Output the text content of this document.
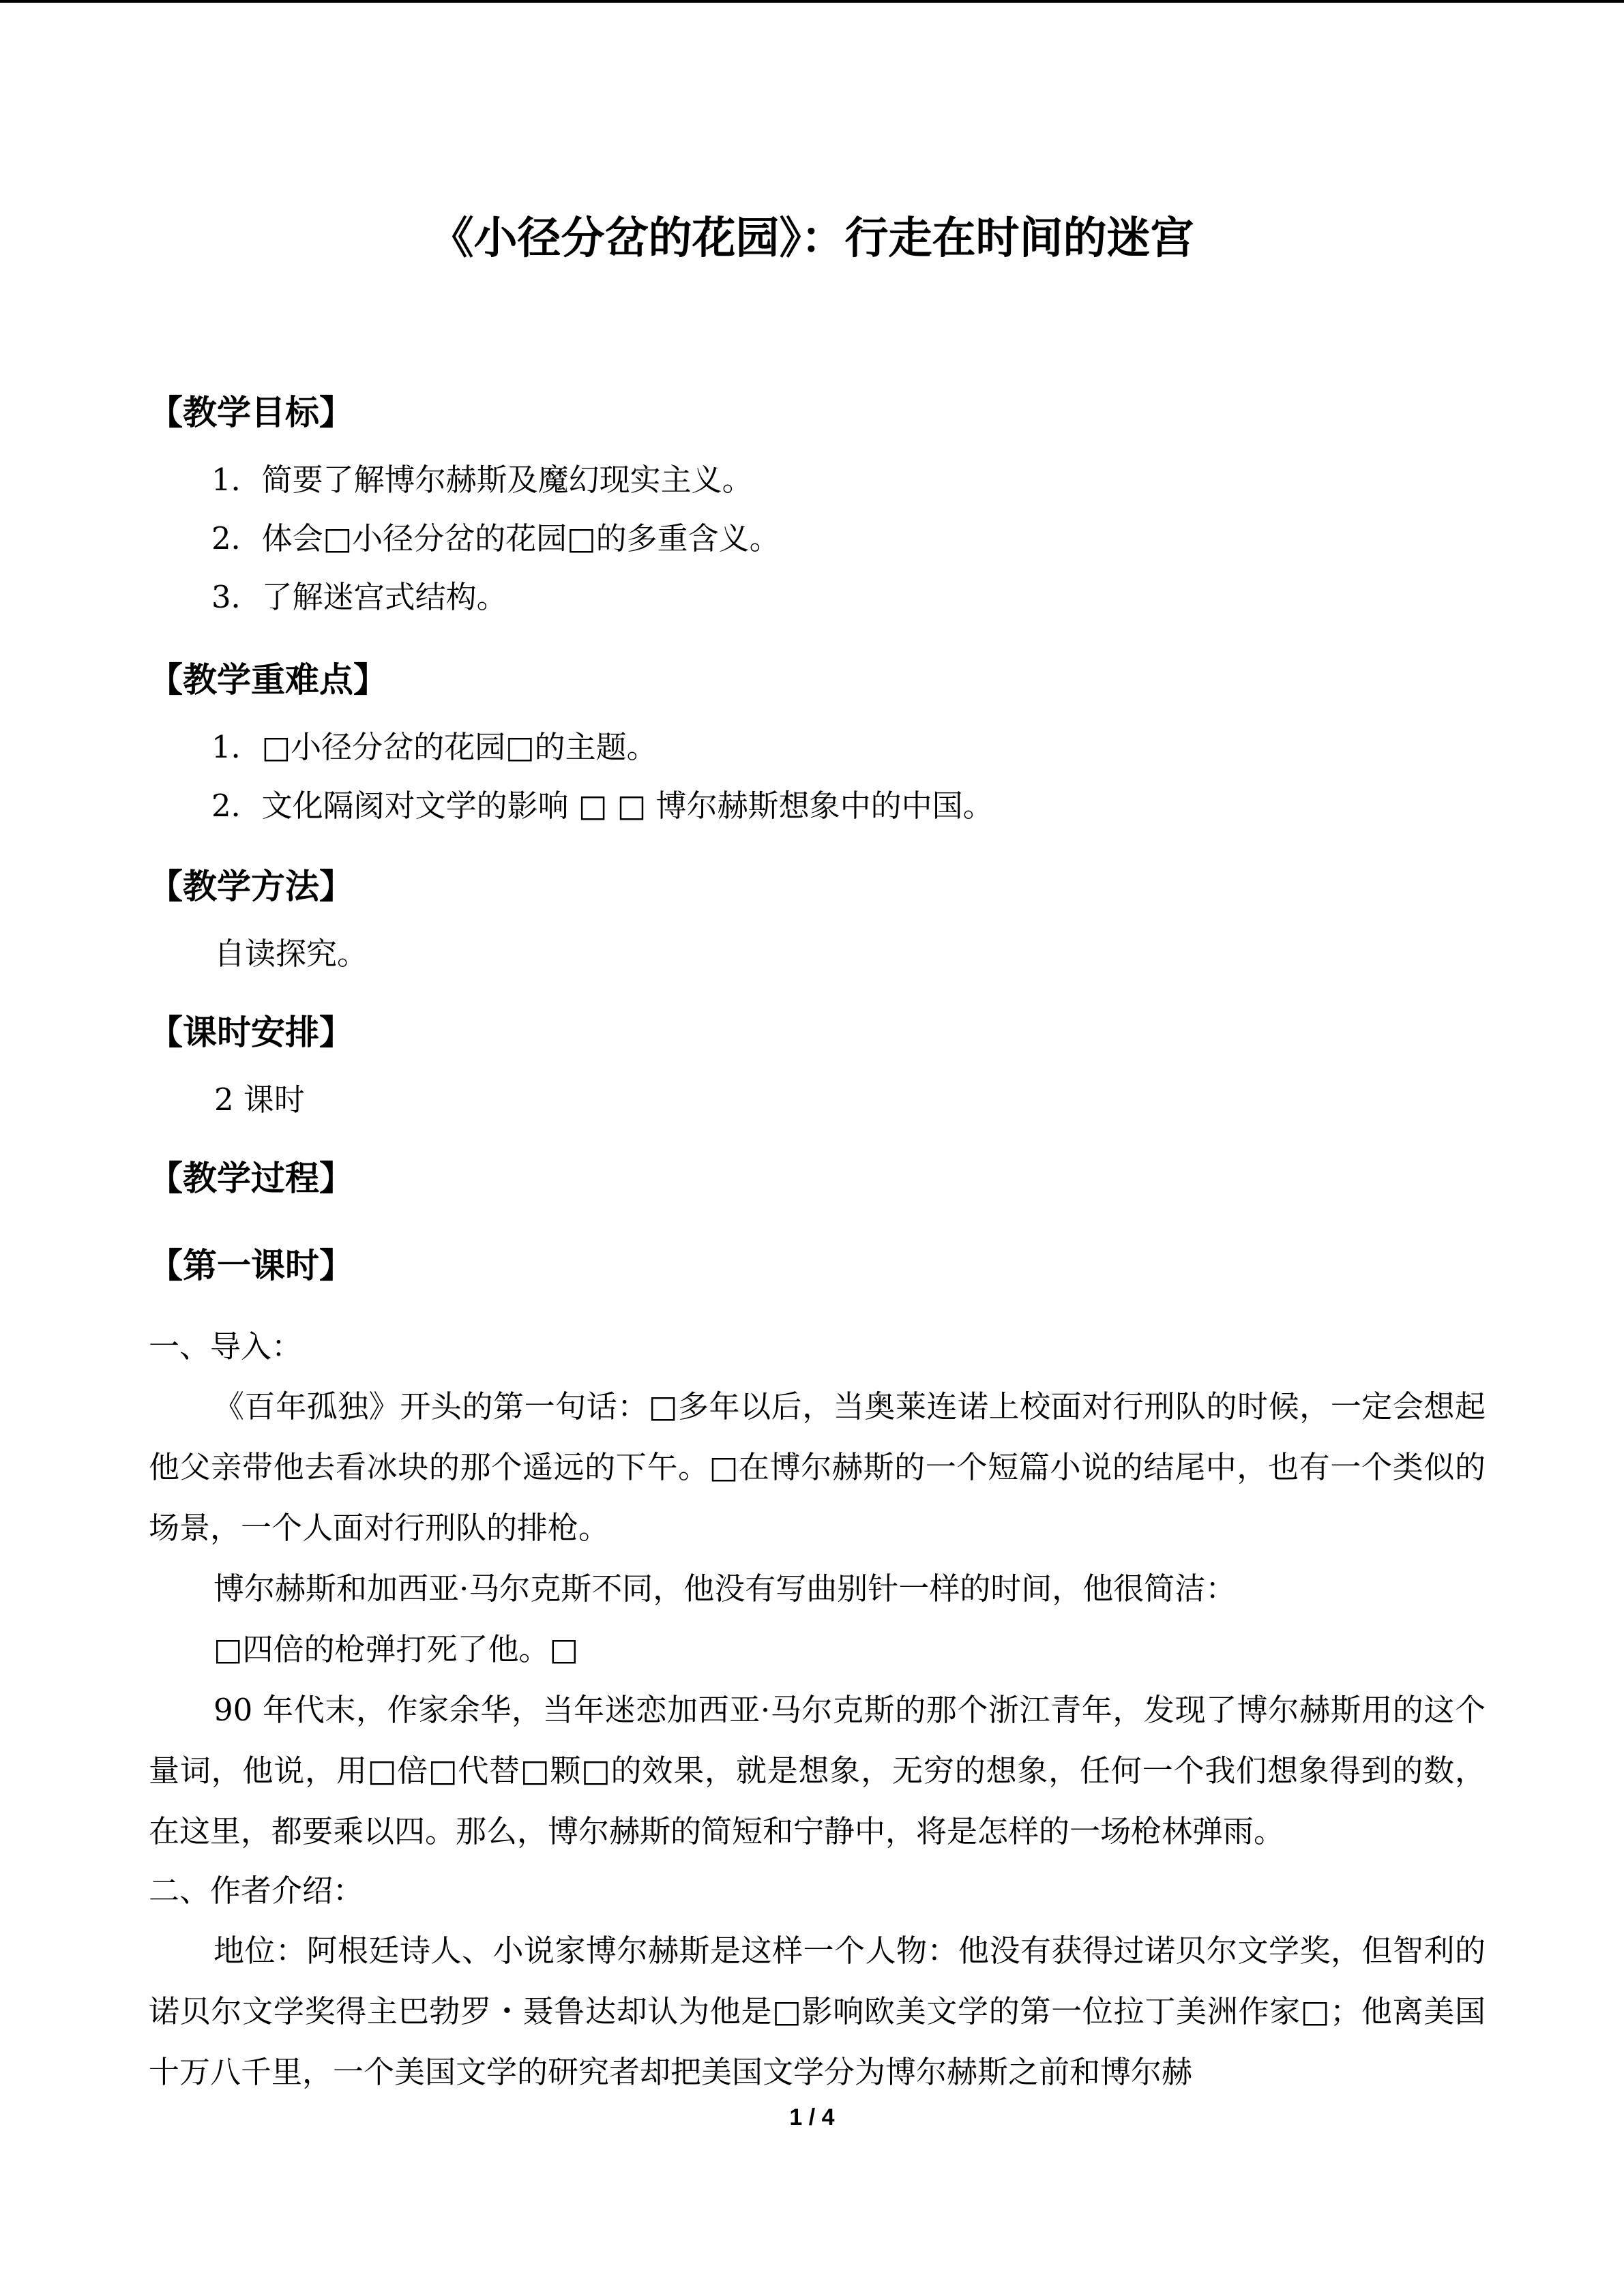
《小径分岔的花园》：行走在时间的迷宫

【教学目标】

1．简要了解博尔赫斯及魔幻现实主义。

2．体会□小径分岔的花园□的多重含义。

3．了解迷宫式结构。

【教学重难点】

1．□小径分岔的花园□的主题。

2．文化隔阂对文学的影响 □ □ 博尔赫斯想象中的中国。

【教学方法】

自读探究。

【课时安排】

2 课时

【教学过程】

【第一课时】

一、导入：

《百年孤独》开头的第一句话：□多年以后，当奥莱连诺上校面对行刑队的时候，一定会想起他父亲带他去看冰块的那个遥远的下午。□在博尔赫斯的一个短篇小说的结尾中，也有一个类似的场景，一个人面对行刑队的排枪。

博尔赫斯和加西亚·马尔克斯不同，他没有写曲别针一样的时间，他很简洁：

□四倍的枪弹打死了他。□

90 年代末，作家余华，当年迷恋加西亚·马尔克斯的那个浙江青年，发现了博尔赫斯用的这个量词，他说，用□倍□代替□颗□的效果，就是想象，无穷的想象，任何一个我们想象得到的数，在这里，都要乘以四。那么，博尔赫斯的简短和宁静中，将是怎样的一场枪林弹雨。

二、作者介绍：

地位：阿根廷诗人、小说家博尔赫斯是这样一个人物：他没有获得过诺贝尔文学奖，但智利的诺贝尔文学奖得主巴勃罗・聂鲁达却认为他是□影响欧美文学的第一位拉丁美洲作家□；他离美国十万八千里，一个美国文学的研究者却把美国文学分为博尔赫斯之前和博尔赫

1 / 4
